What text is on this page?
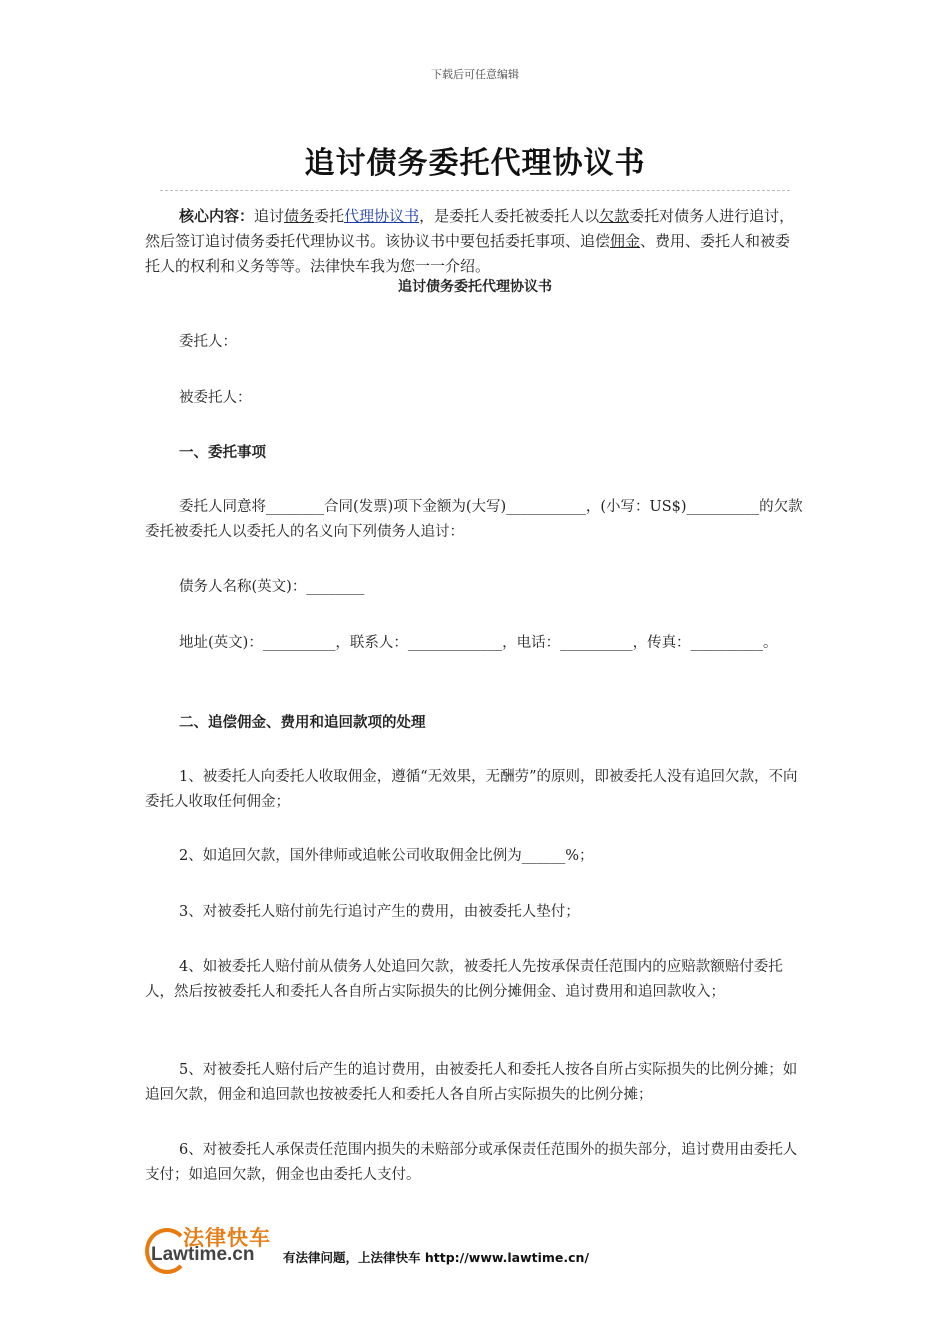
下载后可任意编辑
追讨债务委托代理协议书
核心内容：追讨债务委托代理协议书，是委托人委托被委托人以欠款委托对债务人进行追讨，然后签订追讨债务委托代理协议书。该协议书中要包括委托事项、追偿佣金、费用、委托人和被委托人的权利和义务等等。法律快车我为您一一介绍。
追讨债务委托代理协议书
委托人：
被委托人：
一、委托事项
委托人同意将________合同(发票)项下金额为(大写)___________，(小写：US$)__________的欠款委托被委托人以委托人的名义向下列债务人追讨：
债务人名称(英文)：________
地址(英文)：__________，联系人：_____________，电话：__________，传真：__________。
二、追偿佣金、费用和追回款项的处理
1、被委托人向委托人收取佣金，遵循“无效果，无酬劳”的原则，即被委托人没有追回欠款，不向委托人收取任何佣金；
2、如追回欠款，国外律师或追帐公司收取佣金比例为______%；
3、对被委托人赔付前先行追讨产生的费用，由被委托人垫付；
4、如被委托人赔付前从债务人处追回欠款，被委托人先按承保责任范围内的应赔款额赔付委托人，然后按被委托人和委托人各自所占实际损失的比例分摊佣金、追讨费用和追回款收入；
5、对被委托人赔付后产生的追讨费用，由被委托人和委托人按各自所占实际损失的比例分摊；如追回欠款，佣金和追回款也按被委托人和委托人各自所占实际损失的比例分摊；
6、对被委托人承保责任范围内损失的未赔部分或承保责任范围外的损失部分，追讨费用由委托人支付；如追回欠款，佣金也由委托人支付。
法律快车
Lawtime.cn 有法律问题，上法律快车 http://www.lawtime.cn/
